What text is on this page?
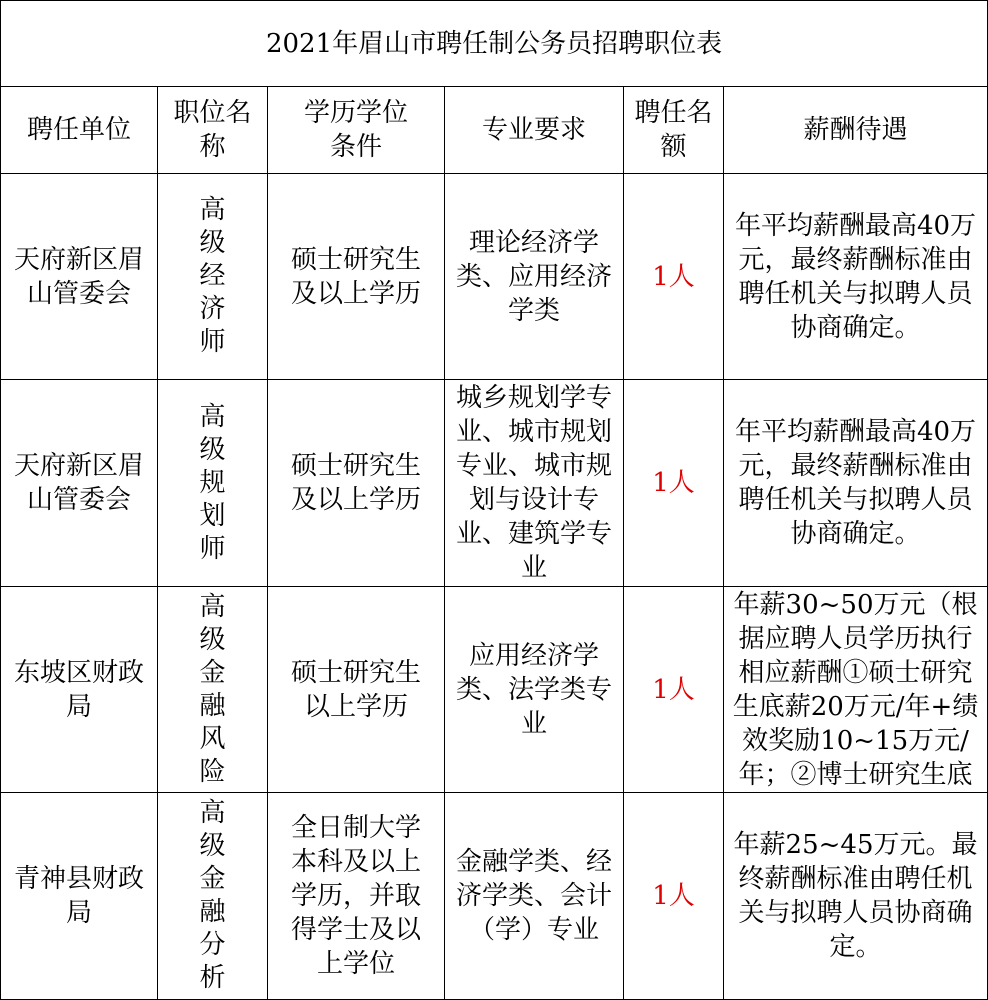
2021年眉山市聘任制公务员招聘职位表					
聘任单位	职位名称	学历学位条件	专业要求	聘任名额	薪酬待遇
天府新区眉山管委会	高级经济师	硕士研究生及以上学历	理论经济学类、应用经济学类	1人	年平均薪酬最高40万元，最终薪酬标准由聘任机关与拟聘人员协商确定。
天府新区眉山管委会	高级规划师	硕士研究生及以上学历	城乡规划学专业、城市规划专业、城市规划与设计专业、建筑学专业	1人	年平均薪酬最高40万元，最终薪酬标准由聘任机关与拟聘人员协商确定。
东坡区财政局	高级金融风险	硕士研究生以上学历	应用经济学类、法学类专业	1人	年薪30~50万元（根据应聘人员学历执行相应薪酬①硕士研究生底薪20万元/年+绩效奖励10~15万元/年；②博士研究生底

青神县财政局	高级金融分析	全日制大学本科及以上学历，并取得学士及以上学位	金融学类、经济学类、会计（学）专业	1人	年薪25~45万元。最终薪酬标准由聘任机关与拟聘人员协商确定。
